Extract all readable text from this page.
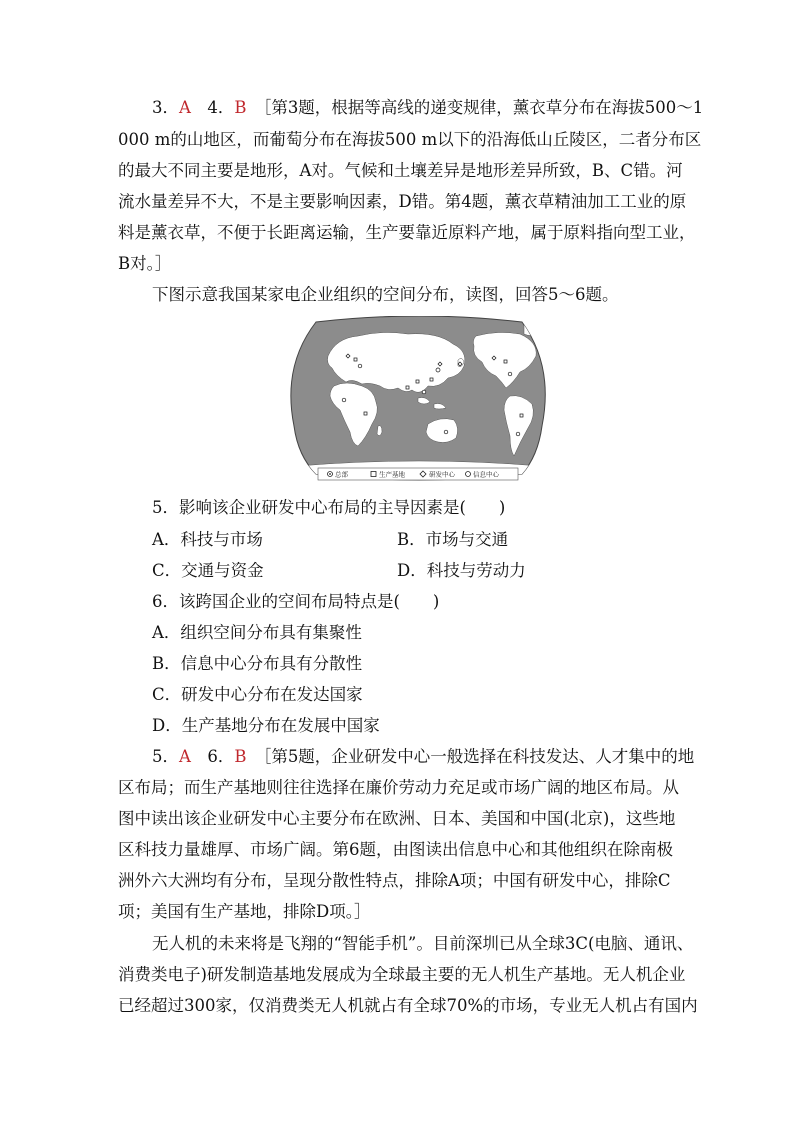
3．A　 4．B　 ［第3题，根据等高线的递变规律，薰衣草分布在海拔500～1
000 m的山地区，而葡萄分布在海拔500 m以下的沿海低山丘陵区，二者分布区
的最大不同主要是地形，A对。气候和土壤差异是地形差异所致，B、C错。河
流水量差异不大，不是主要影响因素，D错。第4题，薰衣草精油加工工业的原
料是薰衣草，不便于长距离运输，生产要靠近原料产地，属于原料指向型工业，
B对。］
下图示意我国某家电企业组织的空间分布，读图，回答5～6题。
总部	生产基地	研发中心	信息中心
5．影响该企业研发中心布局的主导因素是(　　)
A．科技与市场	B．市场与交通
C．交通与资金	D．科技与劳动力
6．该跨国企业的空间布局特点是(　　)
A．组织空间分布具有集聚性
B．信息中心分布具有分散性
C．研发中心分布在发达国家
D．生产基地分布在发展中国家
5．A　 6．B　 ［第5题，企业研发中心一般选择在科技发达、人才集中的地
区布局；而生产基地则往往选择在廉价劳动力充足或市场广阔的地区布局。从
图中读出该企业研发中心主要分布在欧洲、日本、美国和中国(北京)，这些地
区科技力量雄厚、市场广阔。第6题，由图读出信息中心和其他组织在除南极
洲外六大洲均有分布，呈现分散性特点，排除A项；中国有研发中心，排除C
项；美国有生产基地，排除D项。］
无人机的未来将是飞翔的“智能手机”。目前深圳已从全球3C(电脑、通讯、
消费类电子)研发制造基地发展成为全球最主要的无人机生产基地。无人机企业
已经超过300家，仅消费类无人机就占有全球70%的市场，专业无人机占有国内
